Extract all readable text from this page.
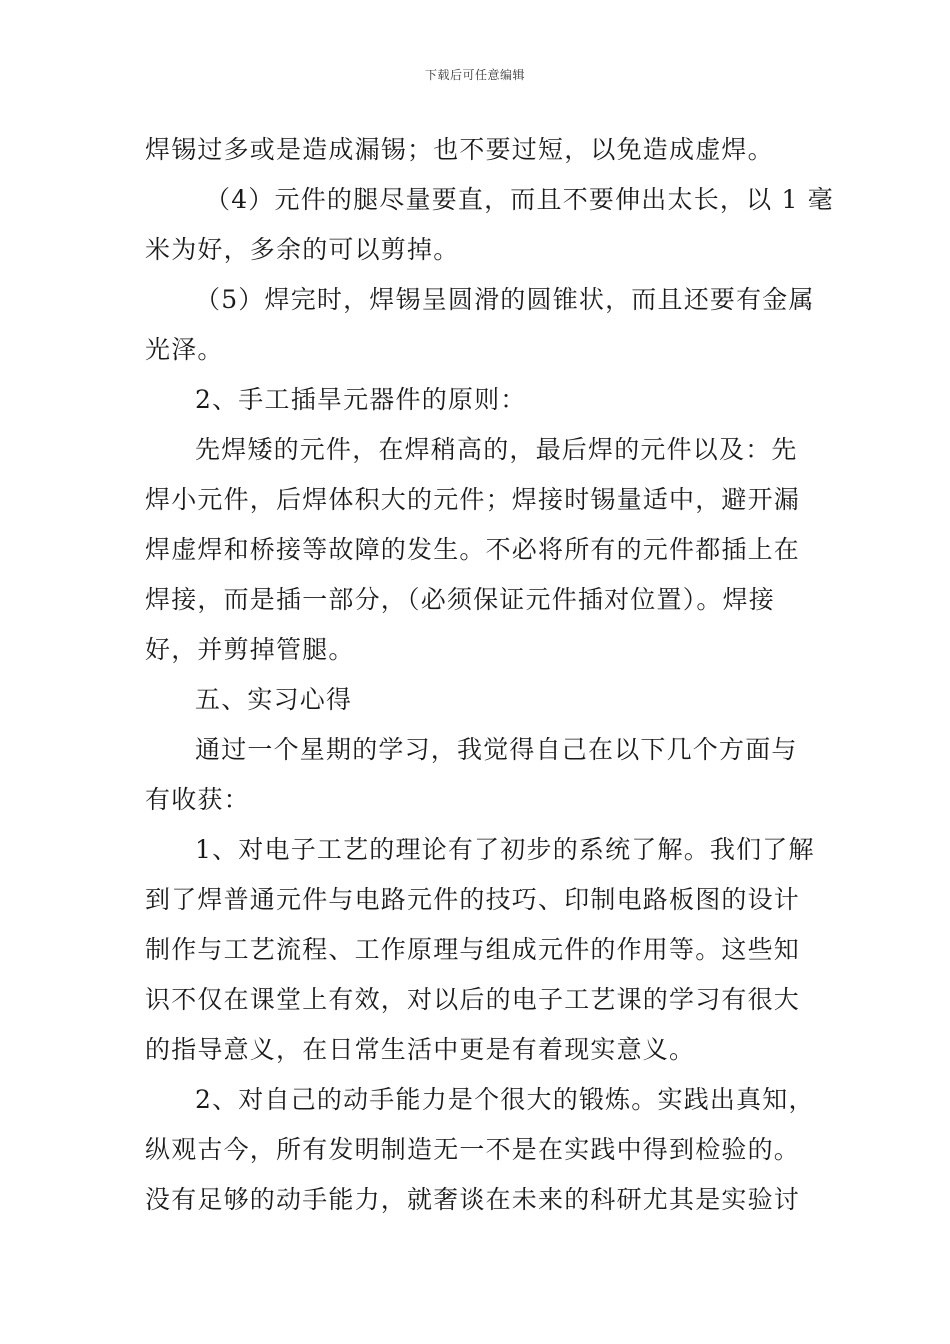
下载后可任意编辑
焊锡过多或是造成漏锡；也不要过短，以免造成虚焊。
（4）元件的腿尽量要直，而且不要伸出太长，以 1 毫
米为好，多余的可以剪掉。
（5）焊完时，焊锡呈圆滑的圆锥状，而且还要有金属
光泽。
2、手工插旱元器件的原则：
先焊矮的元件，在焊稍高的，最后焊的元件以及：先
焊小元件，后焊体积大的元件；焊接时锡量适中，避开漏
焊虚焊和桥接等故障的发生。不必将所有的元件都插上在
焊接，而是插一部分，（必须保证元件插对位置）。焊接
好，并剪掉管腿。
五、实习心得
通过一个星期的学习，我觉得自己在以下几个方面与
有收获：
1、对电子工艺的理论有了初步的系统了解。我们了解
到了焊普通元件与电路元件的技巧、印制电路板图的设计
制作与工艺流程、工作原理与组成元件的作用等。这些知
识不仅在课堂上有效，对以后的电子工艺课的学习有很大
的指导意义，在日常生活中更是有着现实意义。
2、对自己的动手能力是个很大的锻炼。实践出真知，
纵观古今，所有发明制造无一不是在实践中得到检验的。
没有足够的动手能力，就奢谈在未来的科研尤其是实验讨
